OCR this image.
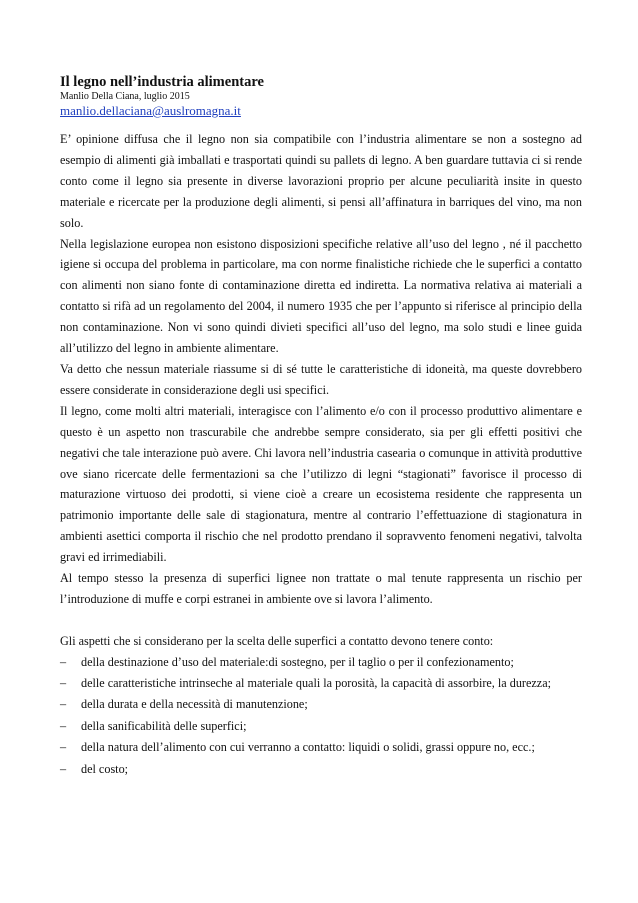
Il legno nell’industria alimentare
Manlio Della Ciana, luglio 2015
manlio.dellaciana@auslromagna.it

E’ opinione diffusa che il legno non sia compatibile con l’industria alimentare se non a sostegno ad esempio di alimenti già imballati e trasportati quindi su pallets di legno. A ben guardare tuttavia ci si rende conto come il legno sia presente in diverse lavorazioni proprio per alcune peculiarità insite in questo materiale e ricercate per la produzione degli alimenti, si pensi all’affinatura in barriques del vino, ma non solo.

Nella legislazione europea non esistono disposizioni specifiche relative all’uso del legno , né il pacchetto igiene si occupa del problema in particolare, ma con norme finalistiche richiede che le superfici a contatto con alimenti non siano fonte di contaminazione diretta ed indiretta. La normativa relativa ai materiali a contatto si rifà ad un regolamento del 2004, il numero 1935 che per l’appunto si riferisce al principio della non contaminazione. Non vi sono quindi divieti specifici all’uso del legno, ma solo studi e linee guida all’utilizzo del legno in ambiente alimentare.

Va detto che nessun materiale riassume si di sé tutte le caratteristiche di idoneità, ma queste dovrebbero essere considerate in considerazione degli usi specifici.

Il legno, come molti altri materiali, interagisce con l’alimento e/o con il processo produttivo alimentare e questo è un aspetto non trascurabile che andrebbe sempre considerato, sia per gli effetti positivi che negativi che tale interazione può avere. Chi lavora nell’industria casearia o comunque in attività produttive ove siano ricercate delle fermentazioni sa che l’utilizzo di legni “stagionati” favorisce il processo di maturazione virtuoso dei prodotti, si viene cioè a creare un ecosistema residente che rappresenta un patrimonio importante delle sale di stagionatura, mentre al contrario l’effettuazione di stagionatura in ambienti asettici comporta il rischio che nel prodotto prendano il sopravvento fenomeni negativi, talvolta gravi ed irrimediabili.

Al tempo stesso la presenza di superfici lignee non trattate o mal tenute rappresenta un rischio per l’introduzione di muffe e corpi estranei in ambiente ove si lavora l’alimento.

Gli aspetti che si considerano per la scelta delle superfici a contatto devono tenere conto:

– della destinazione d’uso del materiale:di sostegno, per il taglio o per il confezionamento;
– delle caratteristiche intrinseche al materiale quali la porosità, la capacità di assorbire, la durezza;
– della durata e della necessità di manutenzione;
– della sanificabilità delle superfici;
– della natura dell’alimento con cui verranno a contatto: liquidi o solidi, grassi oppure no, ecc.;
– del costo;
